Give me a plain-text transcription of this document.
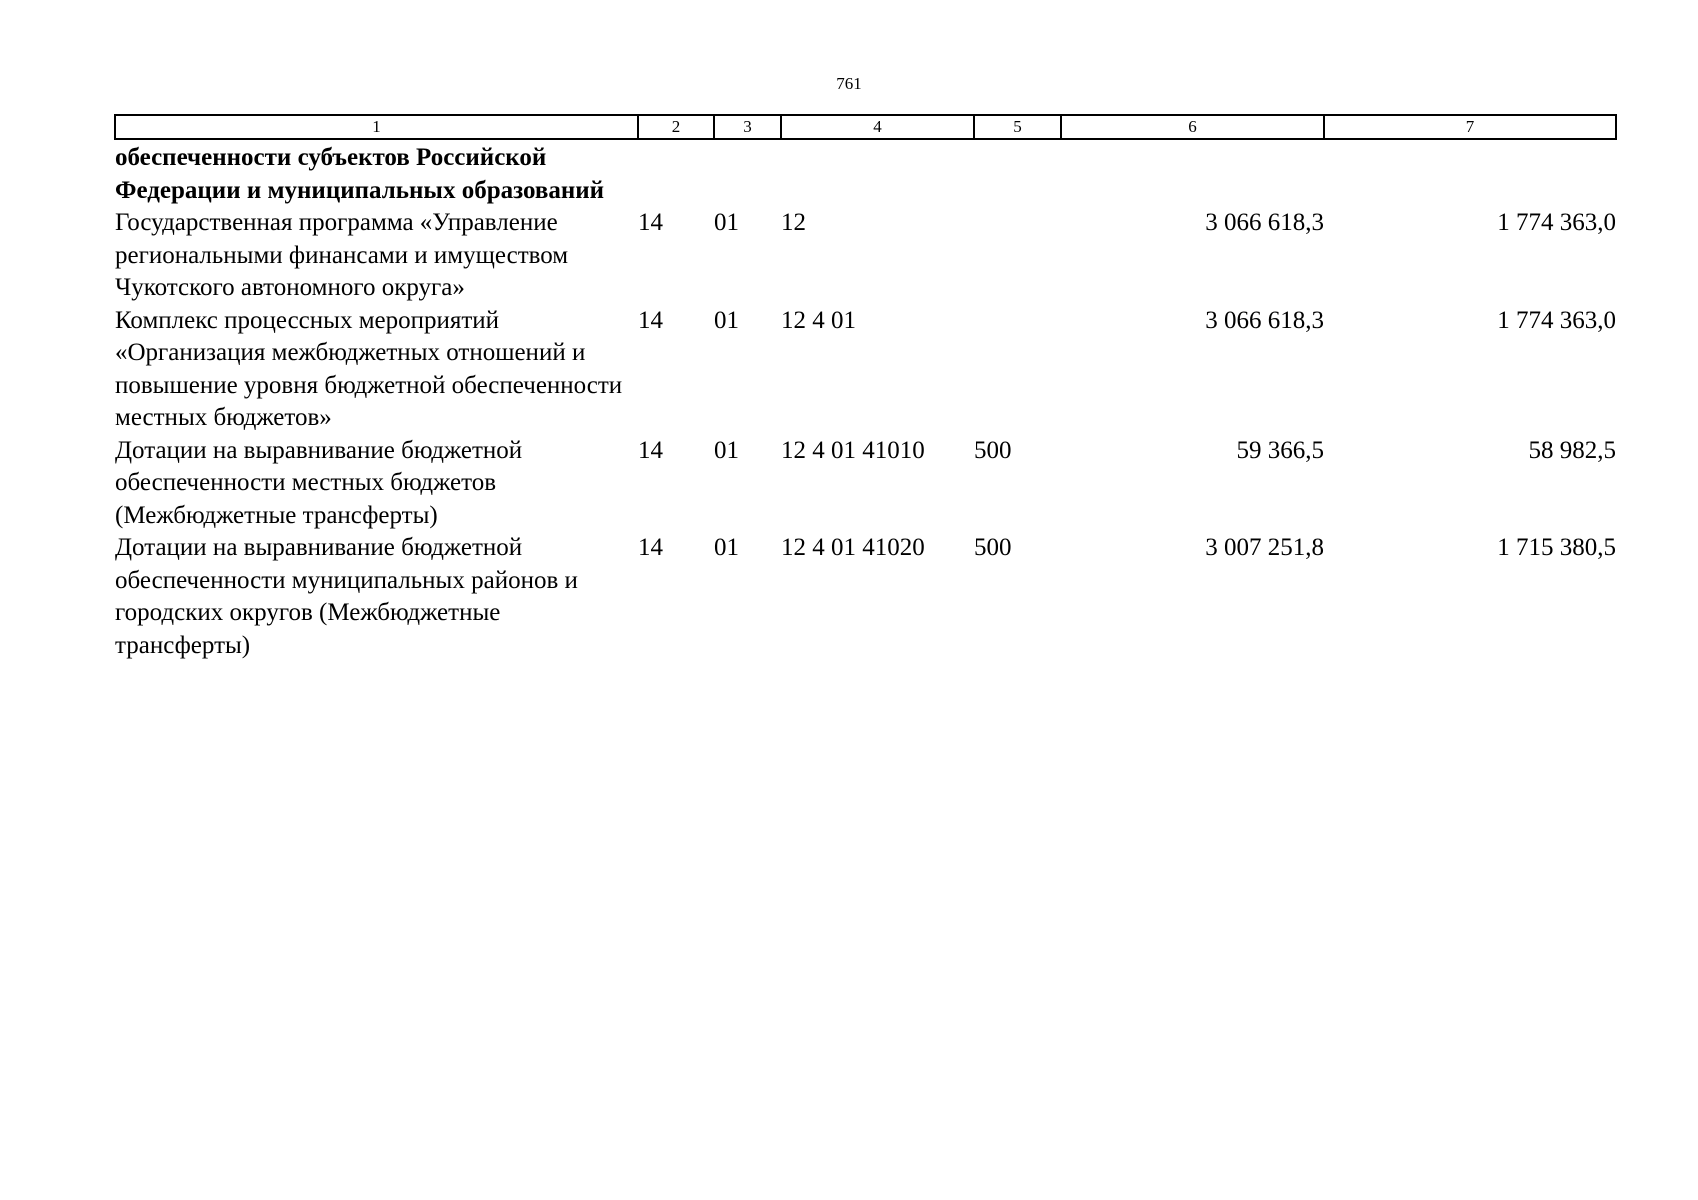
761
1	2	3	4	5	6	7
обеспеченности субъектов Российской Федерации и муниципальных образований						
Государственная программа «Управление региональными финансами и имуществом Чукотского автономного округа»	14	01	12		3 066 618,3	1 774 363,0
Комплекс процессных мероприятий «Организация межбюджетных отношений и повышение уровня бюджетной обеспеченности местных бюджетов»	14	01	12 4 01		3 066 618,3	1 774 363,0
Дотации на выравнивание бюджетной обеспеченности местных бюджетов (Межбюджетные трансферты)	14	01	12 4 01 41010	500	59 366,5	58 982,5
Дотации на выравнивание бюджетной обеспеченности муниципальных районов и городских округов (Межбюджетные трансферты)	14	01	12 4 01 41020	500	3 007 251,8	1 715 380,5
